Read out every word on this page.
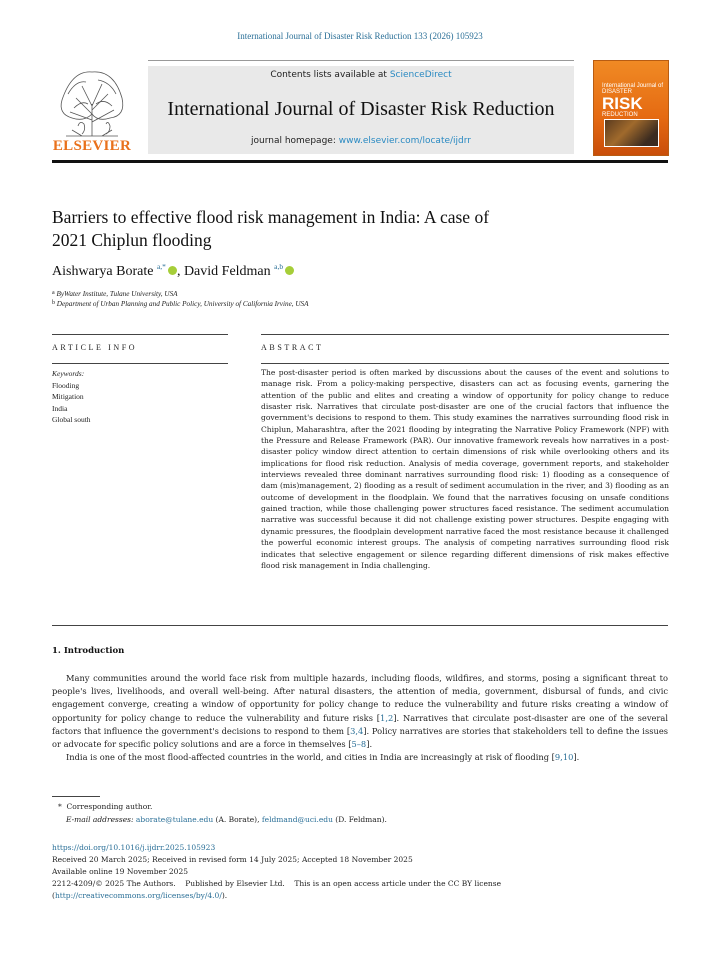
International Journal of Disaster Risk Reduction 133 (2026) 105923
ELSEVIER
Contents lists available at ScienceDirect
International Journal of Disaster Risk Reduction
journal homepage: www.elsevier.com/locate/ijdrr
International Journal of
DISASTER
RISK
REDUCTION
Barriers to effective flood risk management in India: A case of
2021 Chiplun flooding
Aishwarya Borate $^{a,*}$ , David Feldman $^{a,b}$
$^a$ ByWater Institute, Tulane University, USA
$^b$ Department of Urban Planning and Public Policy, University of California Irvine, USA
ARTICLE INFO	ABSTRACT
Keywords:
Flooding
Mitigation
India
Global south
The post-disaster period is often marked by discussions about the causes of the event and solutions to manage risk. From a policy-making perspective, disasters can act as focusing events, garnering the attention of the public and elites and creating a window of opportunity for policy change to reduce disaster risk. Narratives that circulate post-disaster are one of the crucial factors that influence the government's decisions to respond to them. This study examines the narratives surrounding flood risk in Chiplun, Maharashtra, after the 2021 flooding by integrating the Narrative Policy Framework (NPF) with the Pressure and Release Framework (PAR). Our innovative framework reveals how narratives in a post-disaster policy window direct attention to certain dimensions of risk while overlooking others and its implications for flood risk reduction. Analysis of media coverage, government reports, and stakeholder interviews revealed three dominant narratives surrounding flood risk: 1) flooding as a consequence of dam (mis)management, 2) flooding as a result of sediment accumulation in the river, and 3) flooding as an outcome of development in the floodplain. We found that the narratives focusing on unsafe conditions gained traction, while those challenging power structures faced resistance. The sediment accumulation narrative was successful because it did not challenge existing power structures. Despite engaging with dynamic pressures, the floodplain development narrative faced the most resistance because it challenged the powerful economic interest groups. The analysis of competing narratives surrounding flood risk indicates that selective engagement or silence regarding different dimensions of risk makes effective flood risk management in India challenging.
1. Introduction

Many communities around the world face risk from multiple hazards, including floods, wildfires, and storms, posing a significant threat to people's lives, livelihoods, and overall well-being. After natural disasters, the attention of media, government, disbursal of funds, and civic engagement converge, creating a window of opportunity for policy change to reduce the vulnerability and future risks creating a window of opportunity for policy change to reduce the vulnerability and future risks [1,2]. Narratives that circulate post-disaster are one of the several factors that influence the government's decisions to respond to them [3,4]. Policy narratives are stories that stakeholders tell to define the issues or advocate for specific policy solutions and are a force in themselves [5–8].

India is one of the most flood-affected countries in the world, and cities in India are increasingly at risk of flooding [9,10].

* Corresponding author.
E-mail addresses: aborate@tulane.edu (A. Borate), feldmand@uci.edu (D. Feldman).
https://doi.org/10.1016/j.ijdrr.2025.105923
Received 20 March 2025; Received in revised form 14 July 2025; Accepted 18 November 2025
Available online 19 November 2025
2212-4209/© 2025 The Authors.    Published by Elsevier Ltd.    This is an open access article under the CC BY license
(http://creativecommons.org/licenses/by/4.0/).
